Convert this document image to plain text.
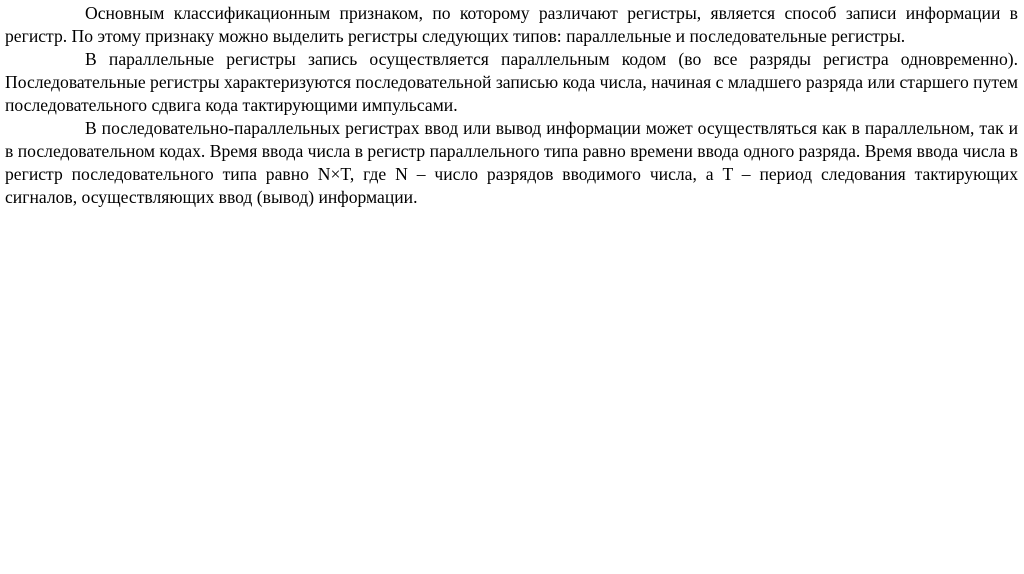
Основным классификационным признаком, по которому различают регистры, является способ записи информации в регистр. По этому признаку можно выделить регистры следующих типов: параллельные и последовательные регистры.

В параллельные регистры запись осуществляется параллельным кодом (во все разряды регистра одновременно). Последовательные регистры характеризуются последовательной записью кода числа, начиная с младшего разряда или старшего путем последовательного сдвига кода тактирующими импульсами.

В последовательно-параллельных регистрах ввод или вывод информации может осуществляться как в параллельном, так и в последовательном кодах. Время ввода числа в регистр параллельного типа равно времени ввода одного разряда. Время ввода числа в регистр последовательного типа равно N×T, где N – число разрядов вводимого числа, а T – период следования тактирующих сигналов, осуществляющих ввод (вывод) информации.
